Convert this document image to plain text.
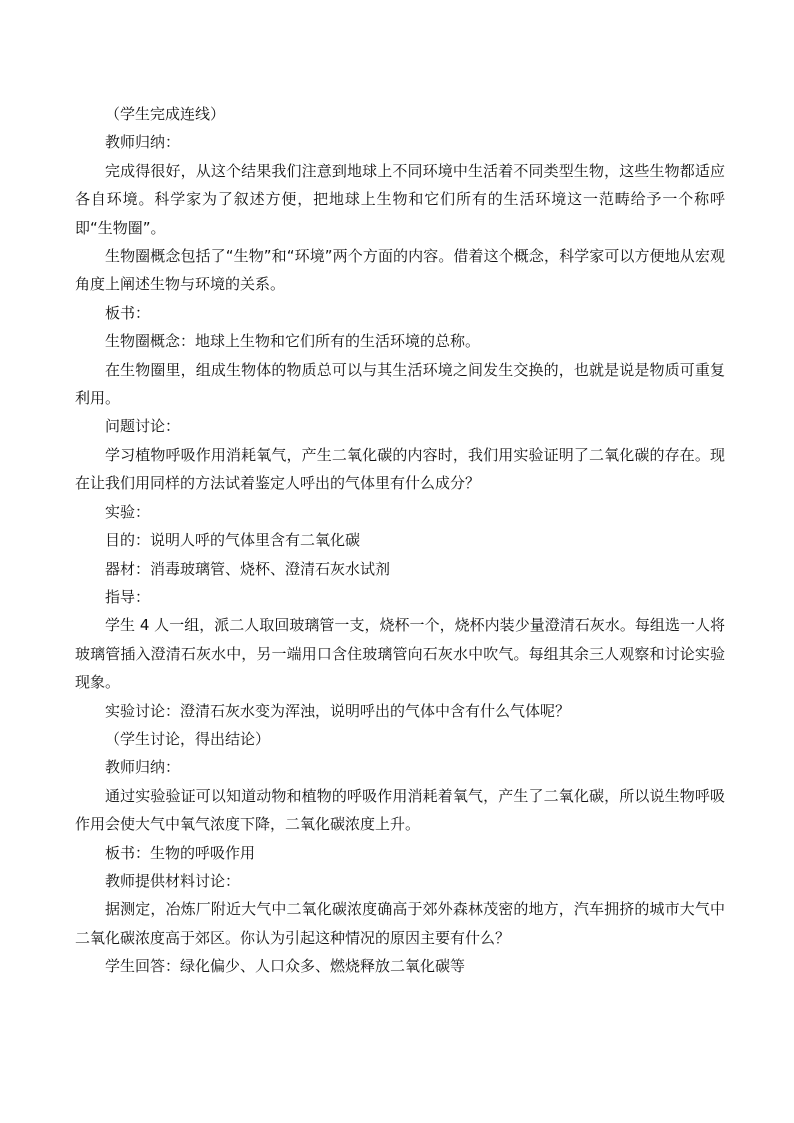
（学生完成连线）

教师归纳：

完成得很好，从这个结果我们注意到地球上不同环境中生活着不同类型生物，这些生物都适应各自环境。科学家为了叙述方便，把地球上生物和它们所有的生活环境这一范畴给予一个称呼即“生物圈”。

生物圈概念包括了“生物”和“环境”两个方面的内容。借着这个概念，科学家可以方便地从宏观角度上阐述生物与环境的关系。

板书：

生物圈概念：地球上生物和它们所有的生活环境的总称。

在生物圈里，组成生物体的物质总可以与其生活环境之间发生交换的，也就是说是物质可重复利用。

问题讨论：

学习植物呼吸作用消耗氧气，产生二氧化碳的内容时，我们用实验证明了二氧化碳的存在。现在让我们用同样的方法试着鉴定人呼出的气体里有什么成分？

实验：

目的：说明人呼的气体里含有二氧化碳

器材：消毒玻璃管、烧杯、澄清石灰水试剂

指导：

学生 4 人一组，派二人取回玻璃管一支，烧杯一个，烧杯内装少量澄清石灰水。每组选一人将玻璃管插入澄清石灰水中，另一端用口含住玻璃管向石灰水中吹气。每组其余三人观察和讨论实验现象。

实验讨论：澄清石灰水变为浑浊，说明呼出的气体中含有什么气体呢？

（学生讨论，得出结论）

教师归纳：

通过实验验证可以知道动物和植物的呼吸作用消耗着氧气，产生了二氧化碳，所以说生物呼吸作用会使大气中氧气浓度下降，二氧化碳浓度上升。

板书：生物的呼吸作用

教师提供材料讨论：

据测定，冶炼厂附近大气中二氧化碳浓度确高于郊外森林茂密的地方，汽车拥挤的城市大气中二氧化碳浓度高于郊区。你认为引起这种情况的原因主要有什么？

学生回答：绿化偏少、人口众多、燃烧释放二氧化碳等
